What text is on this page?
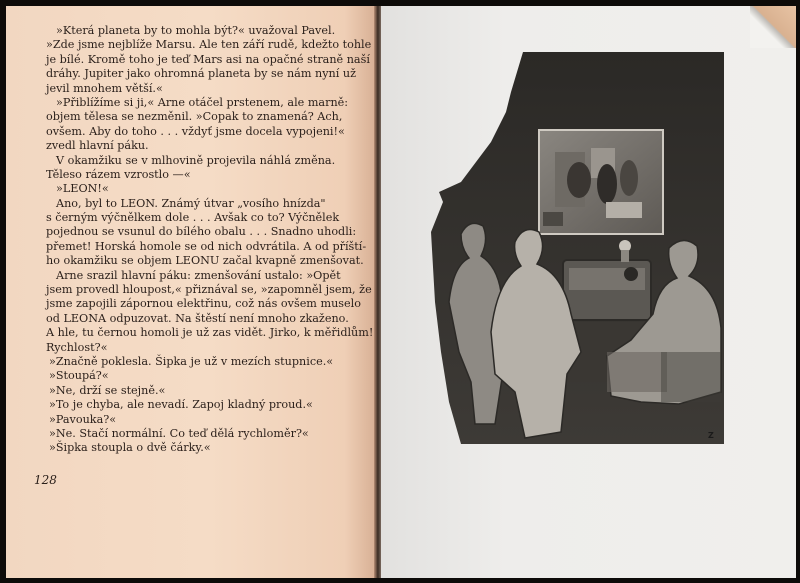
»Která planeta by to mohla být?« uvažoval Pavel.
»Zde jsme nejblíže Marsu. Ale ten září rudě, kdežto tohle
je bílé. Kromě toho je teď Mars asi na opačné straně naší
dráhy. Jupiter jako ohromná planeta by se nám nyní už
jevil mnohem větší.«
»Přiblížíme si ji,« Arne otáčel prstenem, ale marně:
objem tělesa se nezměnil. »Copak to znamená? Ach,
ovšem. Aby do toho . . . vždyť jsme docela vypojeni!«
zvedl hlavní páku.
V okamžiku se v mlhovině projevila náhlá změna.
Těleso rázem vzrostlo —«
»LEON!«
Ano, byl to LEON. Známý útvar „vosího hnízda"
s černým výčnělkem dole . . . Avšak co to? Výčnělek
pojednou se vsunul do bílého obalu . . . Snadno uhodli:
přemet! Horská homole se od nich odvrátila. A od příští-
ho okamžiku se objem LEONU začal kvapně zmenšovat.
Arne srazil hlavní páku: zmenšování ustalo: »Opět
jsem provedl hloupost,« přiznával se, »zapomněl jsem, že
jsme zapojili zápornou elektřinu, což nás ovšem muselo
od LEONA odpuzovat. Na štěstí není mnoho zkaženo.
A hle, tu černou homoli je už zas vidět. Jirko, k měřidlům!
Rychlost?«
»Značně poklesla. Šipka je už v mezích stupnice.«
»Stoupá?«
»Ne, drží se stejně.«
»To je chyba, ale nevadí. Zapoj kladný proud.«
»Pavouka?«
»Ne. Stačí normální. Co teď dělá rychloměr?«
»Šipka stoupla o dvě čárky.«
128
Z
